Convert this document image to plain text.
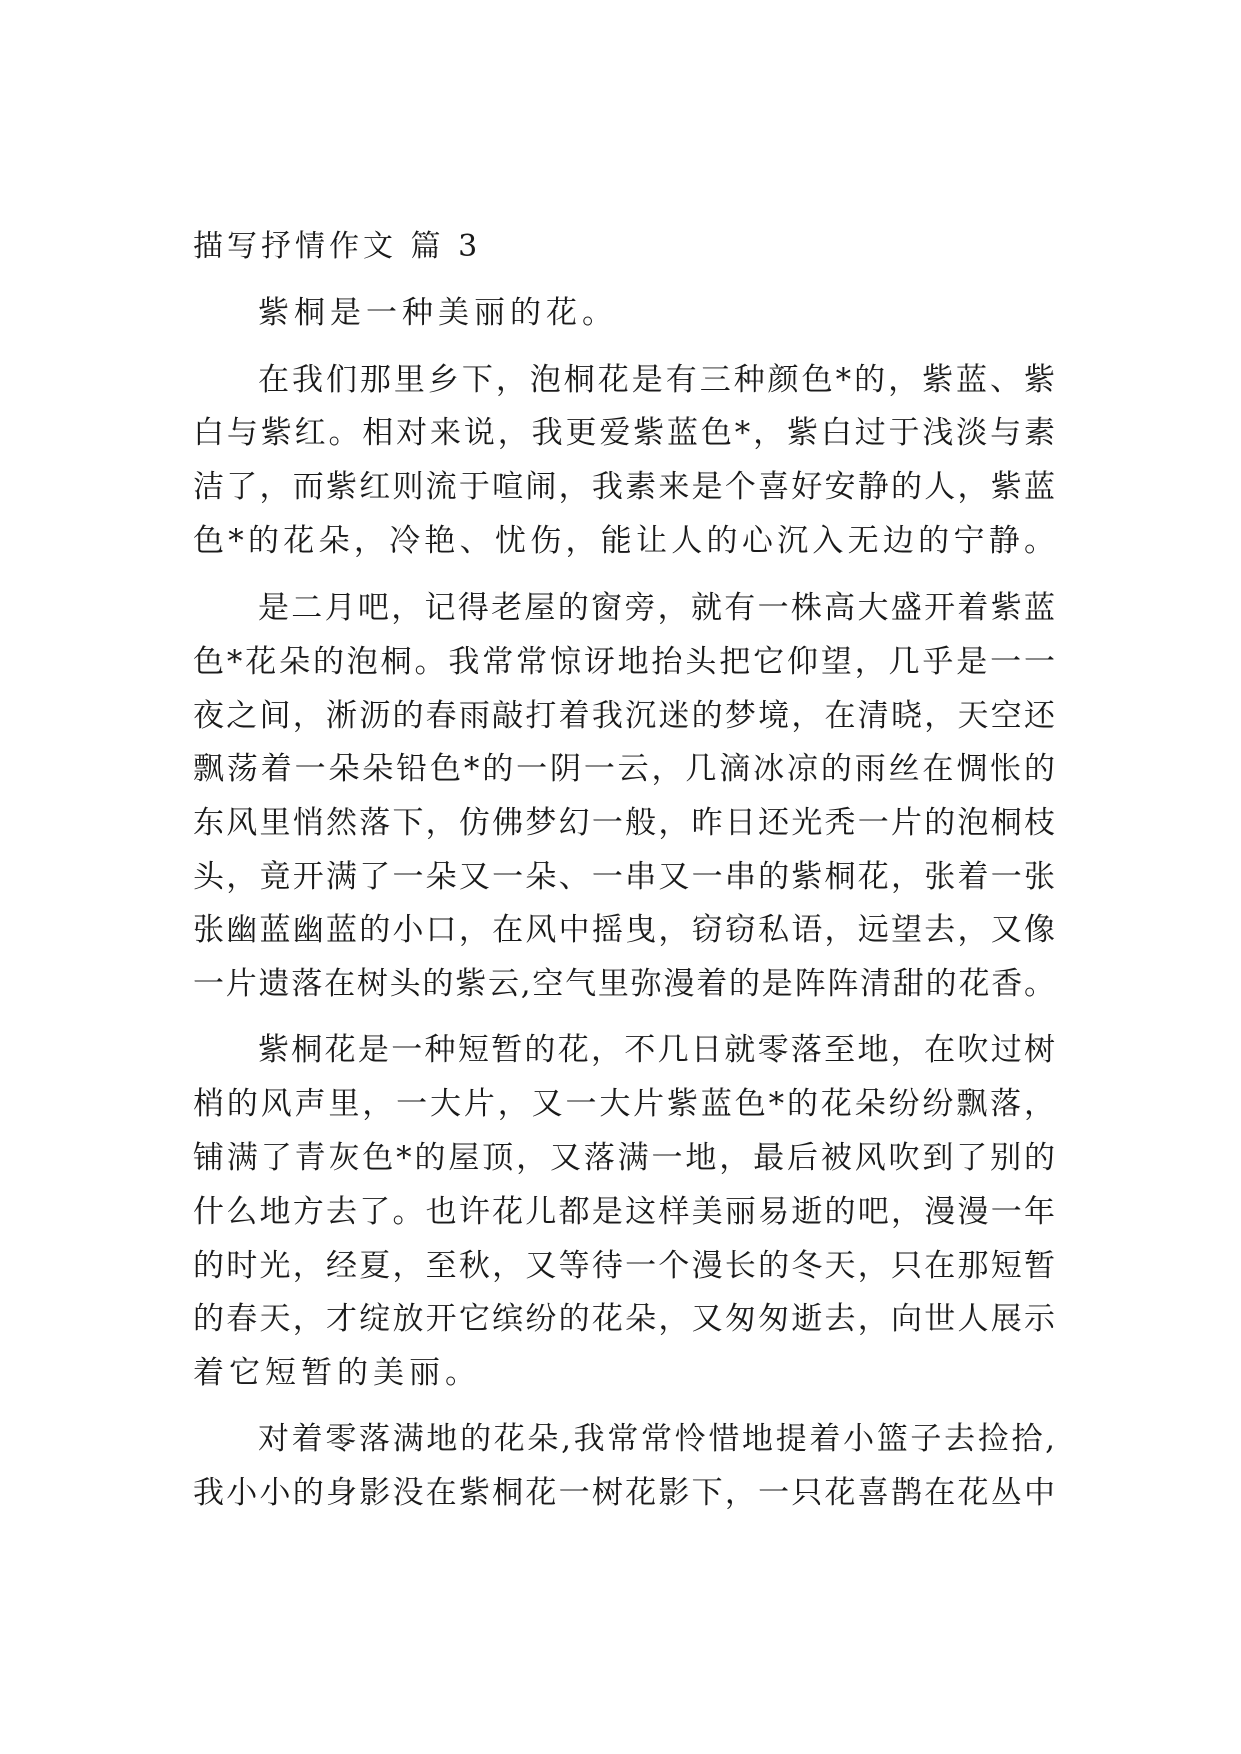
描写抒情作文 篇 3
紫桐是一种美丽的花。
在我们那里乡下，泡桐花是有三种颜色*的，紫蓝、紫
白与紫红。相对来说，我更爱紫蓝色*，紫白过于浅淡与素
洁了，而紫红则流于喧闹，我素来是个喜好安静的人，紫蓝
色*的花朵，冷艳、忧伤，能让人的心沉入无边的宁静。
是二月吧，记得老屋的窗旁，就有一株高大盛开着紫蓝
色*花朵的泡桐。我常常惊讶地抬头把它仰望，几乎是一一
夜之间，淅沥的春雨敲打着我沉迷的梦境，在清晓，天空还
飘荡着一朵朵铅色*的一阴一云，几滴冰凉的雨丝在惆怅的
东风里悄然落下，仿佛梦幻一般，昨日还光秃一片的泡桐枝
头，竟开满了一朵又一朵、一串又一串的紫桐花，张着一张
张幽蓝幽蓝的小口，在风中摇曳，窃窃私语，远望去，又像
一片遗落在树头的紫云,空气里弥漫着的是阵阵清甜的花香。
紫桐花是一种短暂的花，不几日就零落至地，在吹过树
梢的风声里，一大片，又一大片紫蓝色*的花朵纷纷飘落，
铺满了青灰色*的屋顶，又落满一地，最后被风吹到了别的
什么地方去了。也许花儿都是这样美丽易逝的吧，漫漫一年
的时光，经夏，至秋，又等待一个漫长的冬天，只在那短暂
的春天，才绽放开它缤纷的花朵，又匆匆逝去，向世人展示
着它短暂的美丽。
对着零落满地的花朵,我常常怜惜地提着小篮子去捡拾,
我小小的身影没在紫桐花一树花影下，一只花喜鹊在花丛中
